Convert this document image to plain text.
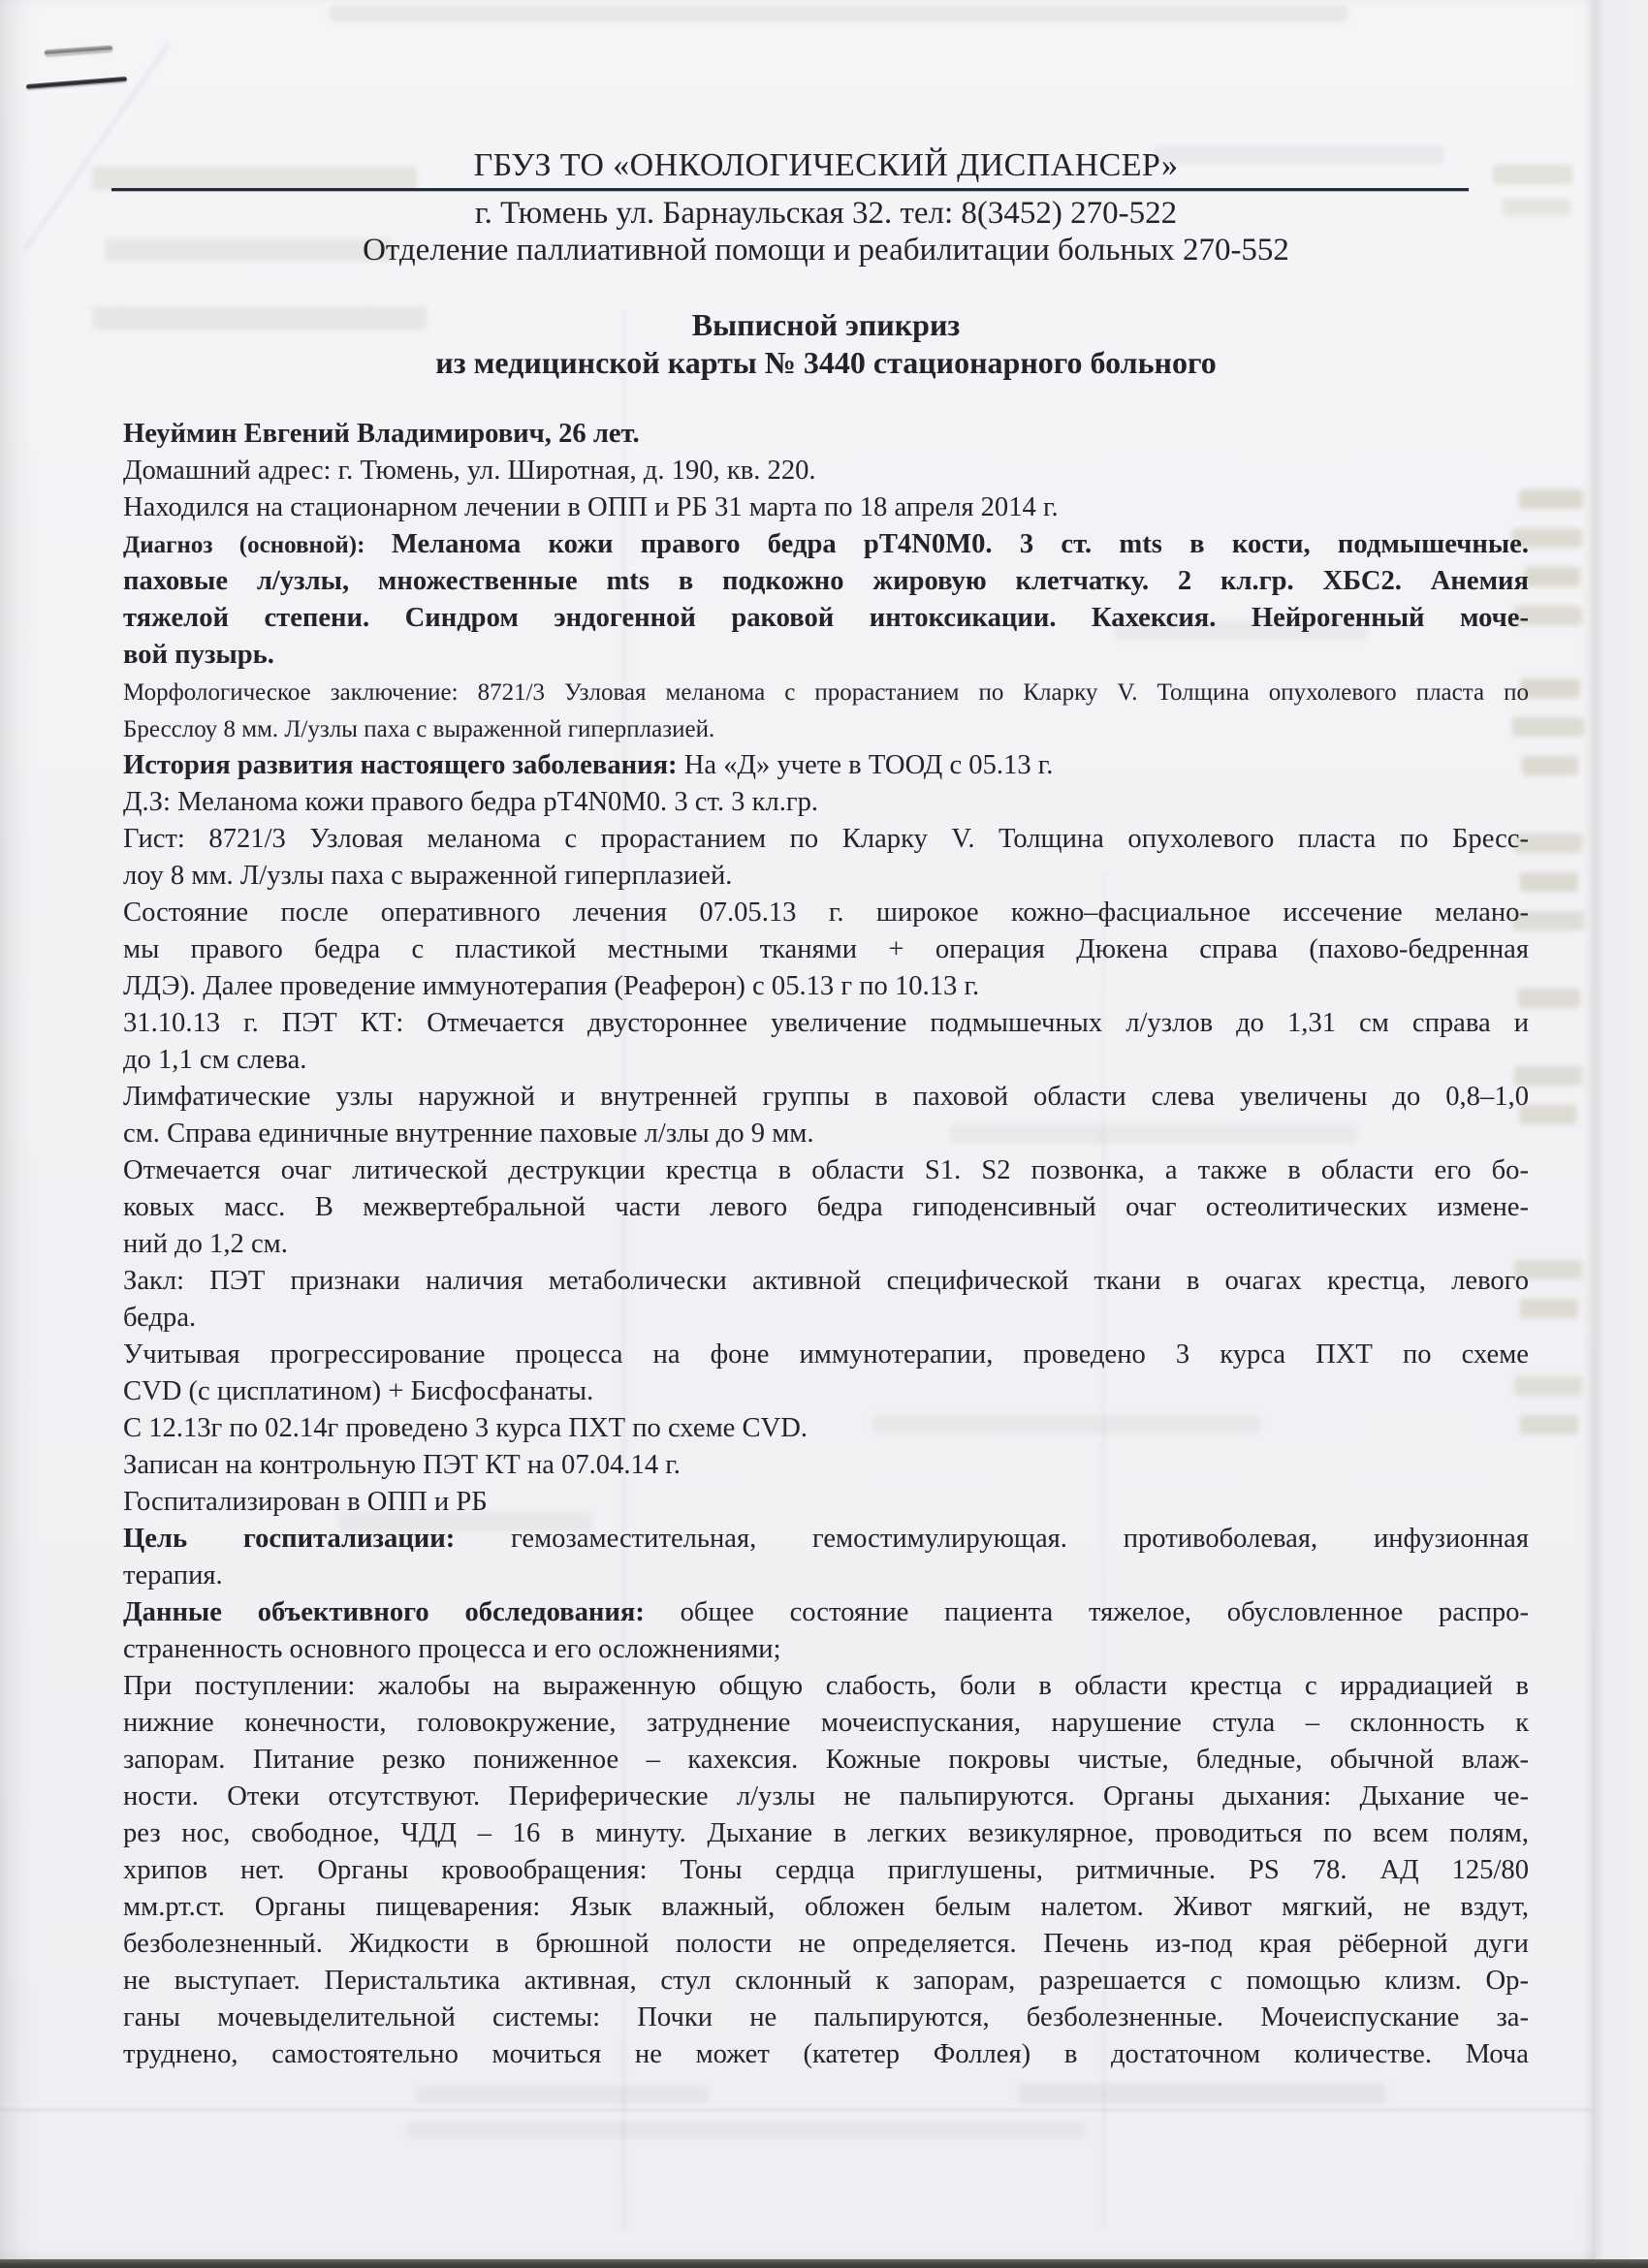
ГБУЗ ТО «ОНКОЛОГИЧЕСКИЙ ДИСПАНСЕР»
г. Тюмень ул. Барнаульская 32. тел: 8(3452) 270-522
Отделение паллиативной помощи и реабилитации больных 270-552
Выписной эпикриз
из медицинской карты № 3440 стационарного больного
Неуймин Евгений Владимирович, 26 лет.
Домашний адрес: г. Тюмень, ул. Широтная, д. 190, кв. 220.
Находился на стационарном лечении в ОПП и РБ 31 марта по 18 апреля 2014 г.
Диагноз (основной): Меланома кожи правого бедра рТ4N0M0. 3 ст. mts в кости, подмышечные.
паховые л/узлы, множественные mts в подкожно жировую клетчатку. 2 кл.гр. ХБС2. Анемия
тяжелой степени. Синдром эндогенной раковой интоксикации. Кахексия. Нейрогенный моче-
вой пузырь.
Морфологическое заключение: 8721/3 Узловая меланома с прорастанием по Кларку V. Толщина опухолевого пласта по
Бресслоу 8 мм. Л/узлы паха с выраженной гиперплазией.
История развития настоящего заболевания: На «Д» учете в ТООД с 05.13 г.
Д.З: Меланома кожи правого бедра рТ4N0M0. 3 ст. 3 кл.гр.
Гист: 8721/3 Узловая меланома с прорастанием по Кларку V. Толщина опухолевого пласта по Бресс-
лоу 8 мм. Л/узлы паха с выраженной гиперплазией.
Состояние после оперативного лечения 07.05.13 г. широкое кожно–фасциальное иссечение мелано-
мы правого бедра с пластикой местными тканями + операция Дюкена справа (пахово-бедренная
ЛДЭ). Далее проведение иммунотерапия (Реаферон) с 05.13 г по 10.13 г.
31.10.13 г. ПЭТ КТ: Отмечается двустороннее увеличение подмышечных л/узлов до 1,31 см справа и
до 1,1 см слева.
Лимфатические узлы наружной и внутренней группы в паховой области слева увеличены до 0,8–1,0
см. Справа единичные внутренние паховые л/злы до 9 мм.
Отмечается очаг литической деструкции крестца в области S1. S2 позвонка, а также в области его бо-
ковых масс. В межвертебральной части левого бедра гиподенсивный очаг остеолитических измене-
ний до 1,2 см.
Закл: ПЭТ признаки наличия метаболически активной специфической ткани в очагах крестца, левого
бедра.
Учитывая прогрессирование процесса на фоне иммунотерапии, проведено 3 курса ПХТ по схеме
CVD (с цисплатином) + Бисфосфанаты.
С 12.13г по 02.14г проведено 3 курса ПХТ по схеме CVD.
Записан на контрольную ПЭТ КТ на 07.04.14 г.
Госпитализирован в ОПП и РБ
Цель госпитализации: гемозаместительная, гемостимулирующая. противоболевая, инфузионная
терапия.
Данные объективного обследования: общее состояние пациента тяжелое, обусловленное распро-
страненность основного процесса и его осложнениями;
При поступлении: жалобы на выраженную общую слабость, боли в области крестца с иррадиацией в
нижние конечности, головокружение, затруднение мочеиспускания, нарушение стула – склонность к
запорам. Питание резко пониженное – кахексия. Кожные покровы чистые, бледные, обычной влаж-
ности. Отеки отсутствуют. Периферические л/узлы не пальпируются. Органы дыхания: Дыхание че-
рез нос, свободное, ЧДД – 16 в минуту. Дыхание в легких везикулярное, проводиться по всем полям,
хрипов нет. Органы кровообращения: Тоны сердца приглушены, ритмичные. PS 78. АД 125/80
мм.рт.ст. Органы пищеварения: Язык влажный, обложен белым налетом. Живот мягкий, не вздут,
безболезненный. Жидкости в брюшной полости не определяется. Печень из-под края рёберной дуги
не выступает. Перистальтика активная, стул склонный к запорам, разрешается с помощью клизм. Ор-
ганы мочевыделительной системы: Почки не пальпируются, безболезненные. Мочеиспускание за-
труднено, самостоятельно мочиться не может (катетер Фоллея) в достаточном количестве. Моча
